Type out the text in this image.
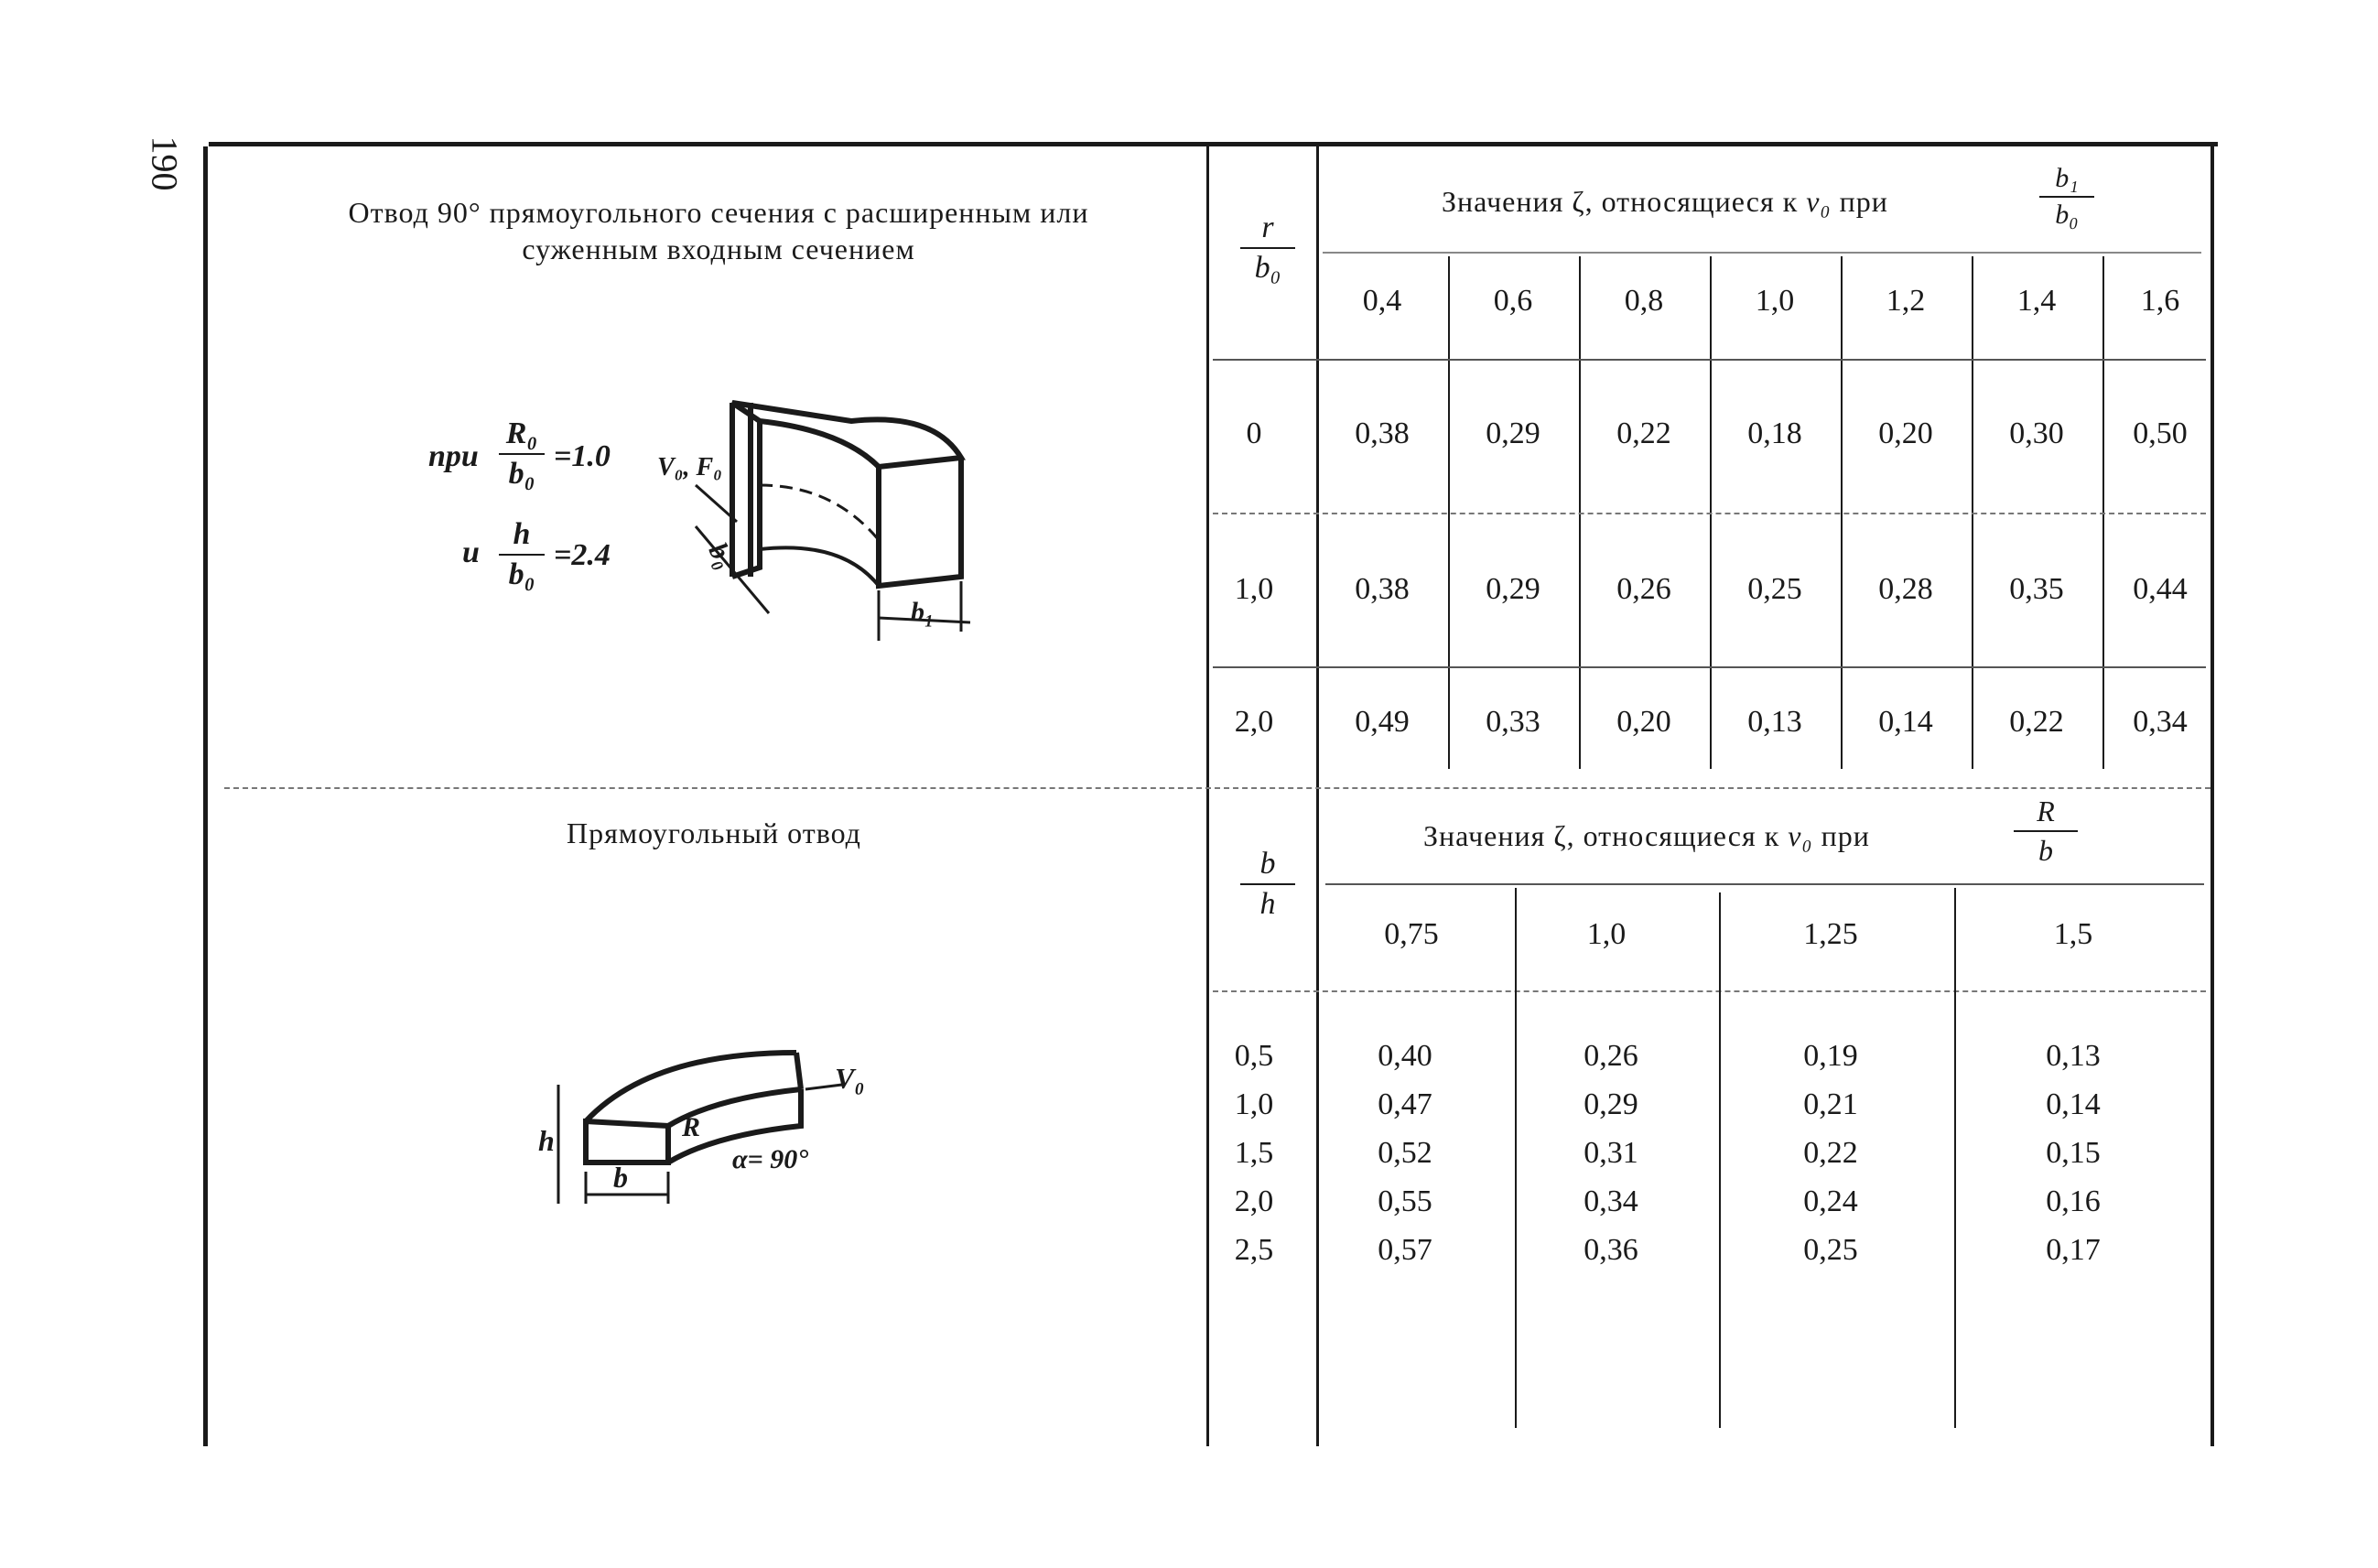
190
Отвод 90° прямоугольного сечения с расширенным или
суженным входным сечением
при
R₀
b₀
=1.0
и
h
b₀
=2.4
V₀, F₀
b₀
b₁
r
b₀
Значения ζ, относящиеся к v₀ при
b₁
b₀
0,4	0,6	0,8	1,0	1,2	1,4	1,6
0	0,38	0,29	0,22	0,18	0,20	0,30	0,50
1,0	0,38	0,29	0,26	0,25	0,28	0,35	0,44
2,0	0,49	0,33	0,20	0,13	0,14	0,22	0,34
Прямоугольный отвод
V₀
h	R
b
α= 90°
b
h
Значения ζ, относящиеся к v₀ при
R
b
0,75	1,0	1,25	1,5
0,5	0,40	0,26	0,19	0,13
1,0	0,47	0,29	0,21	0,14
1,5	0,52	0,31	0,22	0,15
2,0	0,55	0,34	0,24	0,16
2,5	0,57	0,36	0,25	0,17
